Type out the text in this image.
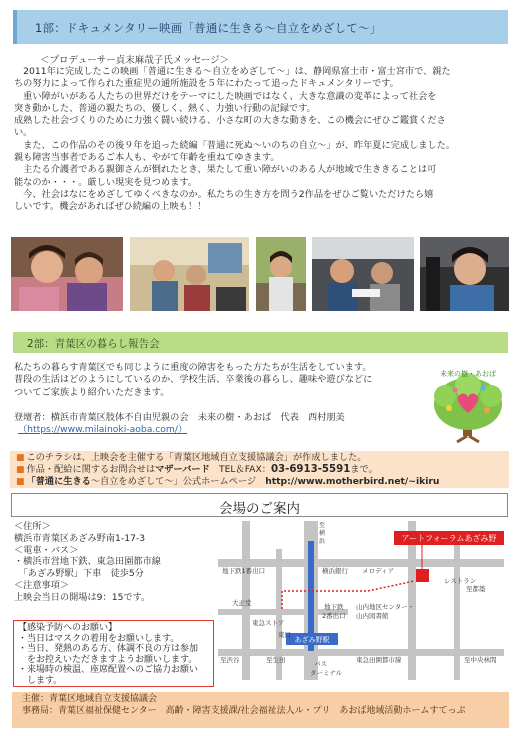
1部：ドキュメンタリー映画「普通に生きる〜自立をめざして〜」
＜プロデューサー貞末麻哉子氏メッセージ＞

　2011年に完成したこの映画「普通に生きる〜自立をめざして〜」は、静岡県富士市・富士宮市で、親た

ちの努力によって作られた重症児の通所施設を５年にわたって追ったドキュメンタリーです。

　重い障がいがある人たちの世界だけをテーマにした映画ではなく、大きな意識の変革によって社会を

突き動かした、普通の親たちの、優しく、熱く、力強い行動の記録です。

成熟した社会づくりのために力強く闘い続ける、小さな町の大きな動きを、この機会にぜひご鑑賞くださ

い。

　また、この作品のその後９年を追った続編「普通に死ぬ〜いのちの自立〜」が、昨年夏に完成しました。

親も障害当事者であるご本人も、やがて年齢を重ねてゆきます。

　主たる介護者である親御さんが倒れたとき、果たして重い障がいのある人が地域で生ききることは可

能なのか・・・。厳しい現実を見つめます。

　今、社会はなにをめざしてゆくべきなのか。私たちの生き方を問う2作品をぜひご覧いただけたら嬉

しいです。機会があればぜひ続編の上映も！！

2部：青葉区の暮らし報告会

私たちの暮らす青葉区でも同じように重度の障害をもった方たちが生活をしています。

普段の生活はどのようにしているのか、学校生活、卒業後の暮らし、趣味や遊びなどに

ついてご家族より紹介いただきます。

登壇者：横浜市青葉区肢体不自由児親の会　未来の樹・あおば　代表　西村朋美

（https://www.milainoki-aoba.com/）

未来の樹・あおば

■ このチラシは、上映会を主催する「青葉区地域自立支援協議会」が作成しました。

■ 作品・配給に関するお問合せはマザーバード　TEL＆FAX：03-6913-5591まで。

■ 「普通に生きる〜自立をめざして〜」公式ホームページ　http://www.motherbird.net/~ikiru

会場のご案内

＜住所＞

横浜市青葉区あざみ野南1-17-3

＜電車・バス＞

・横浜市営地下鉄、東急田園都市線

　「あざみ野駅」下車　徒歩5分

＜注意事項＞

上映会当日の開場は9：15です。

【感染予防へのお願い】

・当日はマスクの着用をお願いします。

・当日、発熱のある方、体調不良の方は参加

　をお控えいただきますようお願いします。

・来場時の検温、座席配置へのご協力お願い

　します。

あざみ野駅
アートフォーラムあざみ野
地下鉄1番出口	横浜銀行 メロディア
レストラン
大正堂
東急ストア
東口
地下鉄
2番出口
山内地区センター・
山内図書館
東急田園都市線
至渋谷	至生田	至中央林間
至都築
バス
ターミナル
至
横
浜

主催：青葉区地域自立支援協議会

事務局：青葉区福祉保健センター　高齢・障害支援課/社会福祉法人ル・プリ　あおば地域活動ホームすてっぷ
